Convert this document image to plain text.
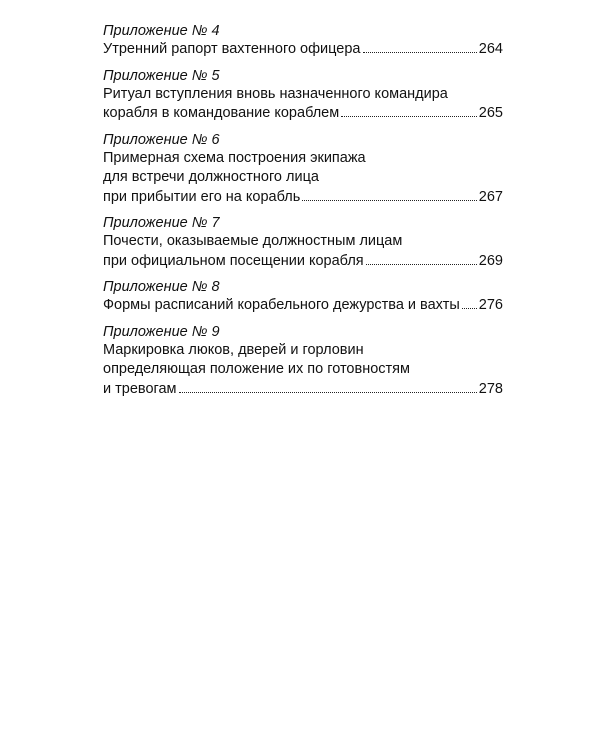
Приложение № 4

Утренний рапорт вахтенного офицера	264

Приложение № 5

Ритуал вступления вновь назначенного командира

корабля в командование кораблем	265

Приложение № 6

Примерная схема построения экипажа

для встречи должностного лица

при прибытии его на корабль	267

Приложение № 7

Почести, оказываемые должностным лицам

при официальном посещении корабля	269

Приложение № 8

Формы расписаний корабельного дежурства и вахты 276

Приложение № 9

Маркировка люков, дверей и горловин

определяющая положение их по готовностям

и тревогам	278
